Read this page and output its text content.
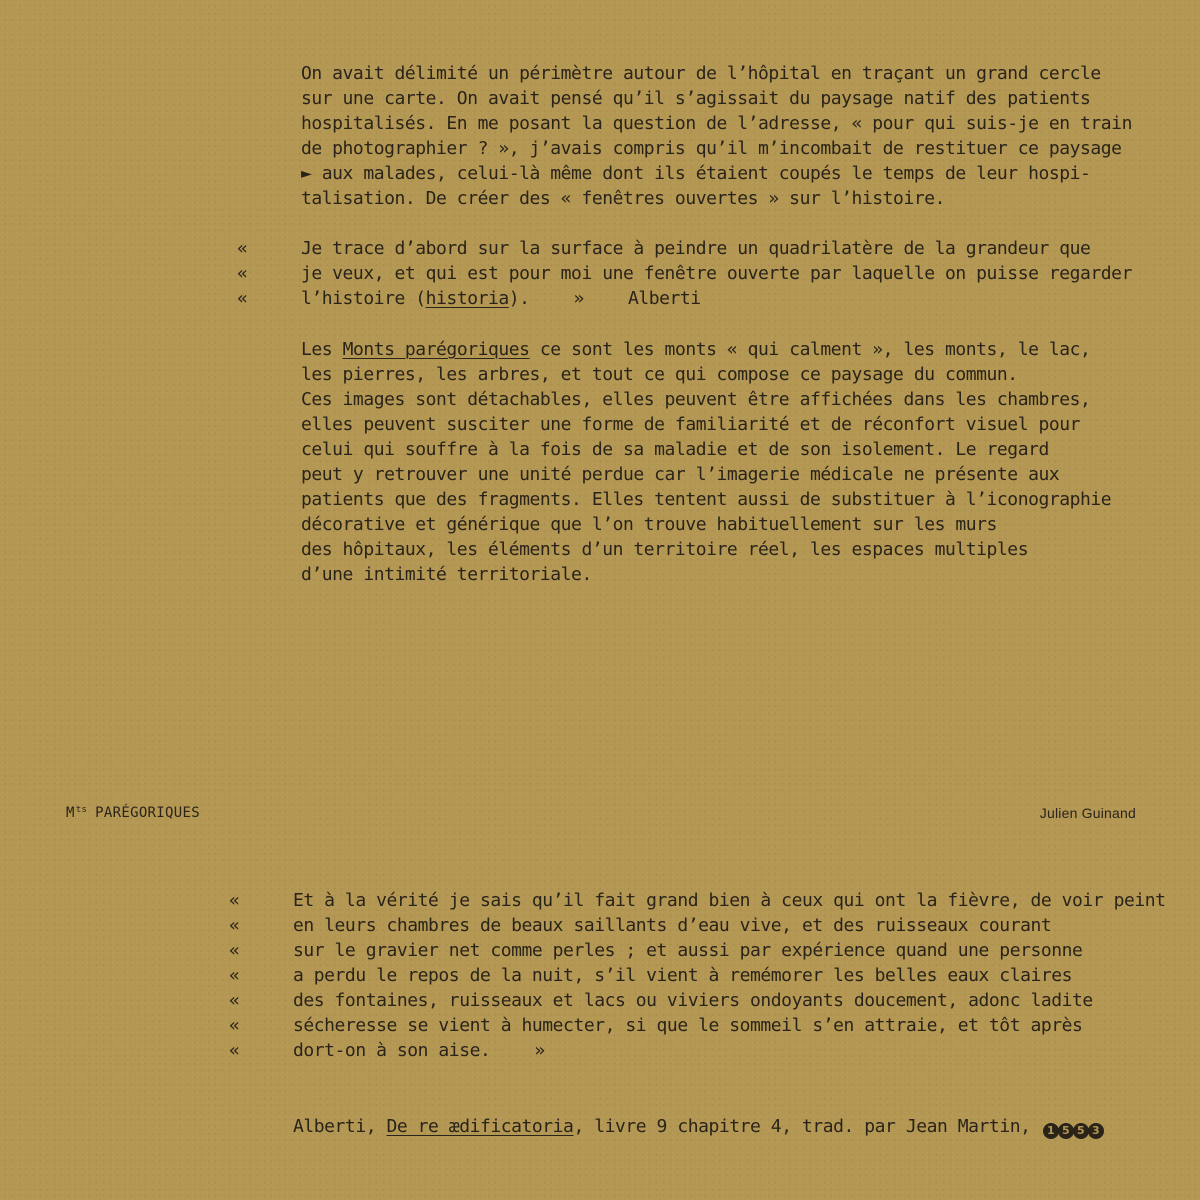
On avait délimité un périmètre autour de l’hôpital en traçant un grand cercle
sur une carte. On avait pensé qu’il s’agissait du paysage natif des patients
hospitalisés. En me posant la question de l’adresse, « pour qui suis-je en train
de photographier ? », j’avais compris qu’il m’incombait de restituer ce paysage
► aux malades, celui-là même dont ils étaient coupés le temps de leur hospi-
talisation. De créer des « fenêtres ouvertes » sur l’histoire.
«	Je trace d’abord sur la surface à peindre un quadrilatère de la grandeur que
«	je veux, et qui est pour moi une fenêtre ouverte par laquelle on puisse regarder
«	l’histoire (historia). » Alberti
Les Monts parégoriques ce sont les monts « qui calment », les monts, le lac,
les pierres, les arbres, et tout ce qui compose ce paysage du commun.
Ces images sont détachables, elles peuvent être affichées dans les chambres,
elles peuvent susciter une forme de familiarité et de réconfort visuel pour
celui qui souffre à la fois de sa maladie et de son isolement. Le regard
peut y retrouver une unité perdue car l’imagerie médicale ne présente aux
patients que des fragments. Elles tentent aussi de substituer à l’iconographie
décorative et générique que l’on trouve habituellement sur les murs
des hôpitaux, les éléments d’un territoire réel, les espaces multiples
d’une intimité territoriale.
$M^{ts}$ PARÉGORIQUES	Julien Guinand
«	Et à la vérité je sais qu’il fait grand bien à ceux qui ont la fièvre, de voir peint
«	en leurs chambres de beaux saillants d’eau vive, et des ruisseaux courant
«	sur le gravier net comme perles ; et aussi par expérience quand une personne
«	a perdu le repos de la nuit, s’il vient à remémorer les belles eaux claires
«	des fontaines, ruisseaux et lacs ou viviers ondoyants doucement, adonc ladite
«	sécheresse se vient à humecter, si que le sommeil s’en attraie, et tôt après
«	dort-on à son aise. »
Alberti, De re ædificatoria, livre 9 chapitre 4, trad. par Jean Martin, 1 5 5 3
